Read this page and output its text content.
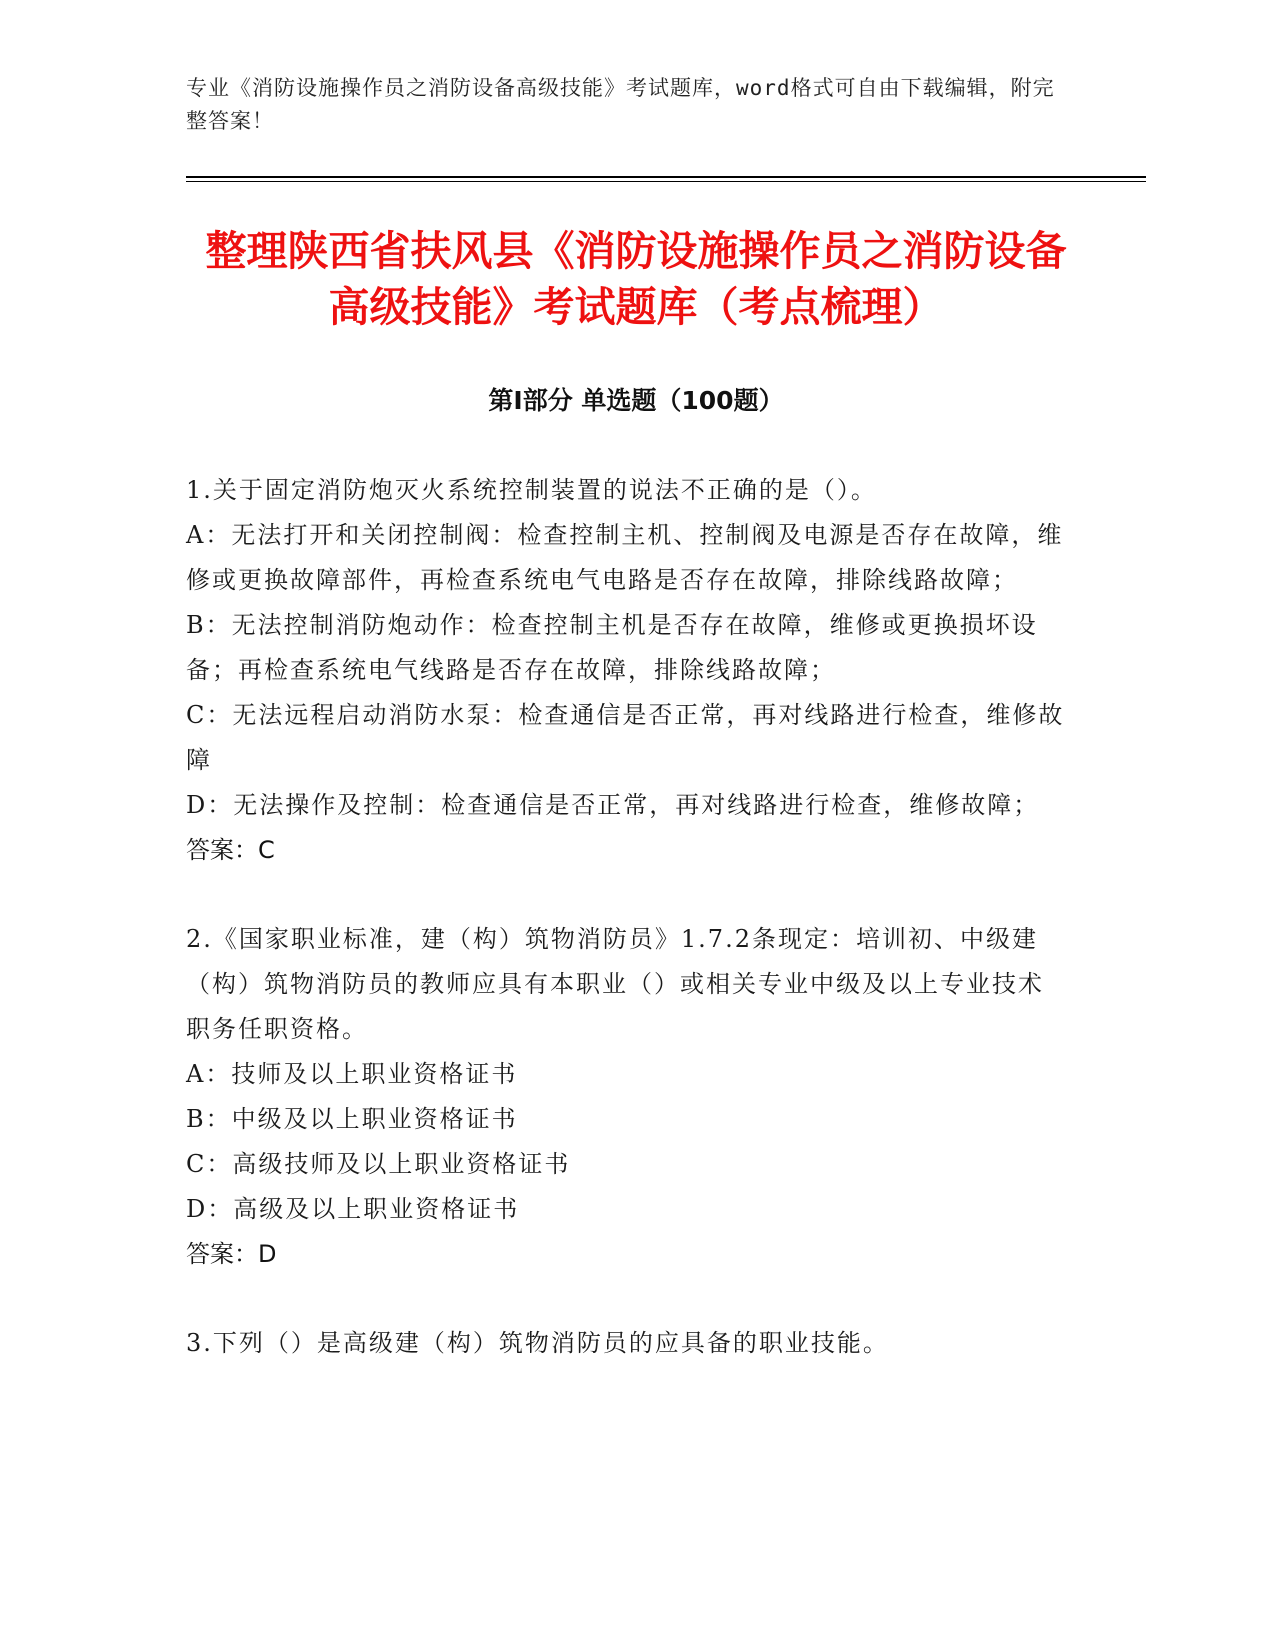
专业《消防设施操作员之消防设备高级技能》考试题库，word格式可自由下载编辑，附完整答案！
整理陕西省扶风县《消防设施操作员之消防设备高级技能》考试题库（考点梳理）
第I部分 单选题（100题）
1.关于固定消防炮灭火系统控制装置的说法不正确的是（）。
A：无法打开和关闭控制阀：检查控制主机、控制阀及电源是否存在故障，维修或更换故障部件，再检查系统电气电路是否存在故障，排除线路故障；
B：无法控制消防炮动作：检查控制主机是否存在故障，维修或更换损坏设备；再检查系统电气线路是否存在故障，排除线路故障；
C：无法远程启动消防水泵：检查通信是否正常，再对线路进行检查，维修故障
D：无法操作及控制：检查通信是否正常，再对线路进行检查，维修故障；
答案：C
2.《国家职业标准，建（构）筑物消防员》1.7.2条现定：培训初、中级建（构）筑物消防员的教师应具有本职业（）或相关专业中级及以上专业技术职务任职资格。
A：技师及以上职业资格证书
B：中级及以上职业资格证书
C：高级技师及以上职业资格证书
D：高级及以上职业资格证书
答案：D
3.下列（）是高级建（构）筑物消防员的应具备的职业技能。
